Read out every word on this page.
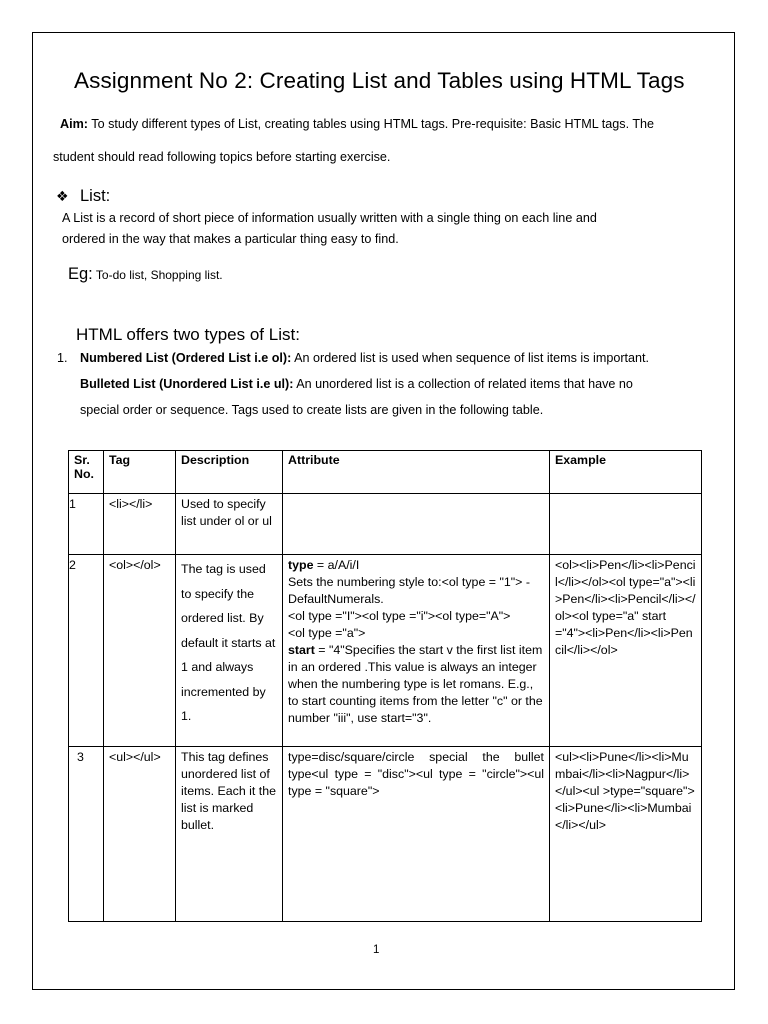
Assignment No 2: Creating List and Tables using HTML Tags
Aim: To study different types of List, creating tables using HTML tags. Pre-requisite: Basic HTML tags. The
student should read following topics before starting exercise.
❖ List:
A List is a record of short piece of information usually written with a single thing on each line and
ordered in the way that makes a particular thing easy to find.
Eg: To-do list, Shopping list.
HTML offers two types of List:
1. Numbered List (Ordered List i.e ol): An ordered list is used when sequence of list items is important.
Bulleted List (Unordered List i.e ul): An unordered list is a collection of related items that have no
special order or sequence. Tags used to create lists are given in the following table.
Sr. No.	Tag	Description	Attribute	Example
1	<li></li>	Used to specify list under ol or ul		
2	<ol></ol>	The tag is used to specify the ordered list. By default it starts at 1 and always incremented by 1.	type = a/A/i/I
Sets the numbering style to:<ol type = "1"> - DefaultNumerals.
<ol type ="I"><ol type ="i"><ol type="A">
<ol type ="a">
start = "4"Specifies the start v the first list item in an ordered .This value is always an integer when the numbering type is let romans. E.g., to start counting items from the letter "c" or the number "iii", use start="3".	<ol><li>Pen</li><li>Pencil</li></ol><ol type="a"><li>Pen</li><li>Pencil</li></ol><ol type="a" start="4"><li>Pen</li><li>Pencil</li></ol>
3	<ul></ul>	This tag defines unordered list of items. Each it the list is marked bullet.	type=disc/square/circle special the bullet type<ul type = "disc"><ul type = "circle"><ul type = "square">	<ul><li>Pune</li><li>Mumbai</li><li>Nagpur</li></ul><ul >type="square"><li>Pune</li><li>Mumbai</li></ul>
1
